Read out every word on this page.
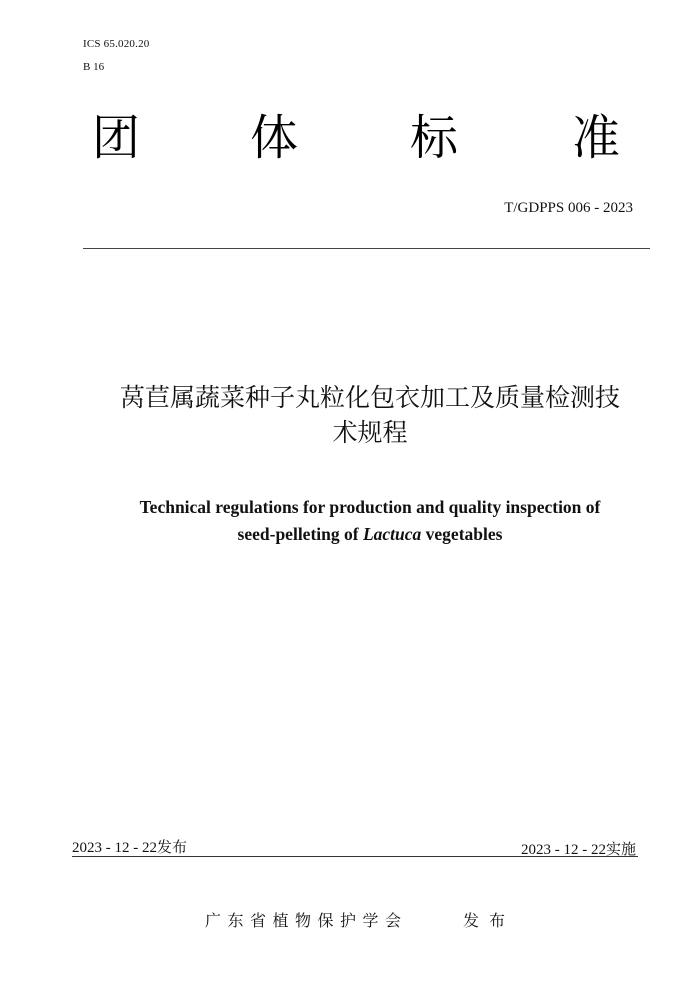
ICS 65.020.20
B 16
团 体 标 准
T/GDPPS 006 - 2023
莴苣属蔬菜种子丸粒化包衣加工及质量检测技
术规程
Technical regulations for production and quality inspection of
seed-pelleting of Lactuca vegetables
2023 - 12 - 22发布	2023 - 12 - 22实施
广东省植物保护学会	发布
